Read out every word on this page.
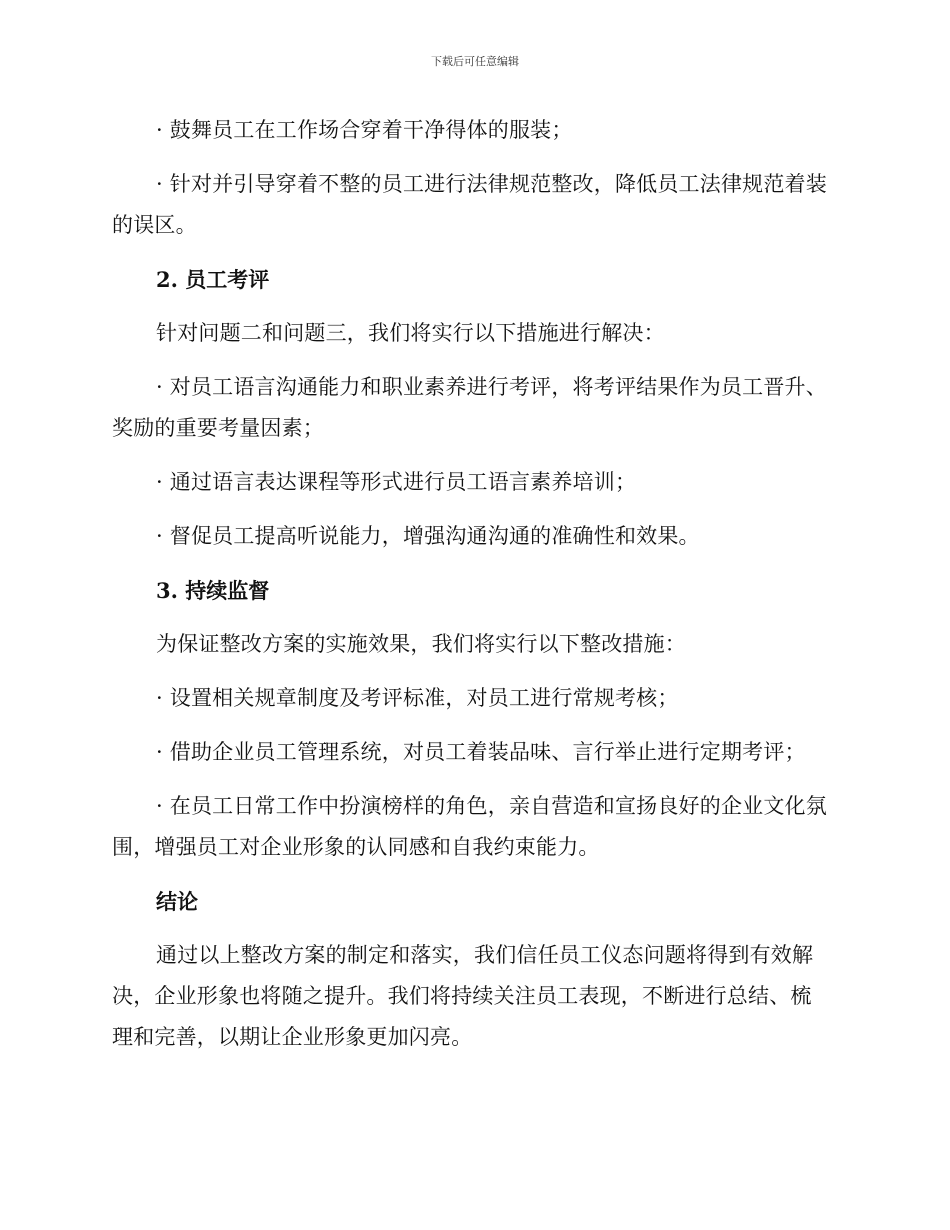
下载后可任意编辑

· 鼓舞员工在工作场合穿着干净得体的服装；

· 针对并引导穿着不整的员工进行法律规范整改，降低员工法律规范着装的误区。

2. 员工考评

针对问题二和问题三，我们将实行以下措施进行解决：

· 对员工语言沟通能力和职业素养进行考评，将考评结果作为员工晋升、奖励的重要考量因素；

· 通过语言表达课程等形式进行员工语言素养培训；

· 督促员工提高听说能力，增强沟通沟通的准确性和效果。

3. 持续监督

为保证整改方案的实施效果，我们将实行以下整改措施：

· 设置相关规章制度及考评标准，对员工进行常规考核；

· 借助企业员工管理系统，对员工着装品味、言行举止进行定期考评；

· 在员工日常工作中扮演榜样的角色，亲自营造和宣扬良好的企业文化氛围，增强员工对企业形象的认同感和自我约束能力。

结论

通过以上整改方案的制定和落实，我们信任员工仪态问题将得到有效解决，企业形象也将随之提升。我们将持续关注员工表现，不断进行总结、梳理和完善，以期让企业形象更加闪亮。
